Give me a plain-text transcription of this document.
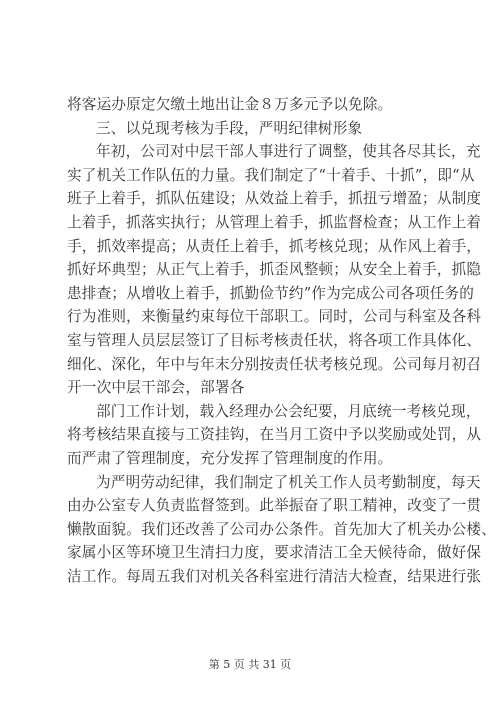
将客运办原定欠缴土地出让金８万多元予以免除。
三、以兑现考核为手段，严明纪律树形象
年初，公司对中层干部人事进行了调整，使其各尽其长，充
实了机关工作队伍的力量。我们制定了“十着手、十抓”，即“从
班子上着手，抓队伍建设；从效益上着手，抓扭亏增盈；从制度
上着手，抓落实执行；从管理上着手，抓监督检查；从工作上着
手，抓效率提高；从责任上着手，抓考核兑现；从作风上着手，
抓好坏典型；从正气上着手，抓歪风整顿；从安全上着手，抓隐
患排查；从增收上着手，抓勤俭节约”作为完成公司各项任务的
行为准则，来衡量约束每位干部职工。同时，公司与科室及各科
室与管理人员层层签订了目标考核责任状，将各项工作具体化、
细化、深化，年中与年末分别按责任状考核兑现。公司每月初召
开一次中层干部会，部署各
部门工作计划，载入经理办公会纪要，月底统一考核兑现，
将考核结果直接与工资挂钩，在当月工资中予以奖励或处罚，从
而严肃了管理制度，充分发挥了管理制度的作用。
为严明劳动纪律，我们制定了机关工作人员考勤制度，每天
由办公室专人负责监督签到。此举振奋了职工精神，改变了一贯
懒散面貌。我们还改善了公司办公条件。首先加大了机关办公楼、
家属小区等环境卫生清扫力度，要求清洁工全天候待命，做好保
洁工作。每周五我们对机关各科室进行清洁大检查，结果进行张
第 5 页 共 31 页
